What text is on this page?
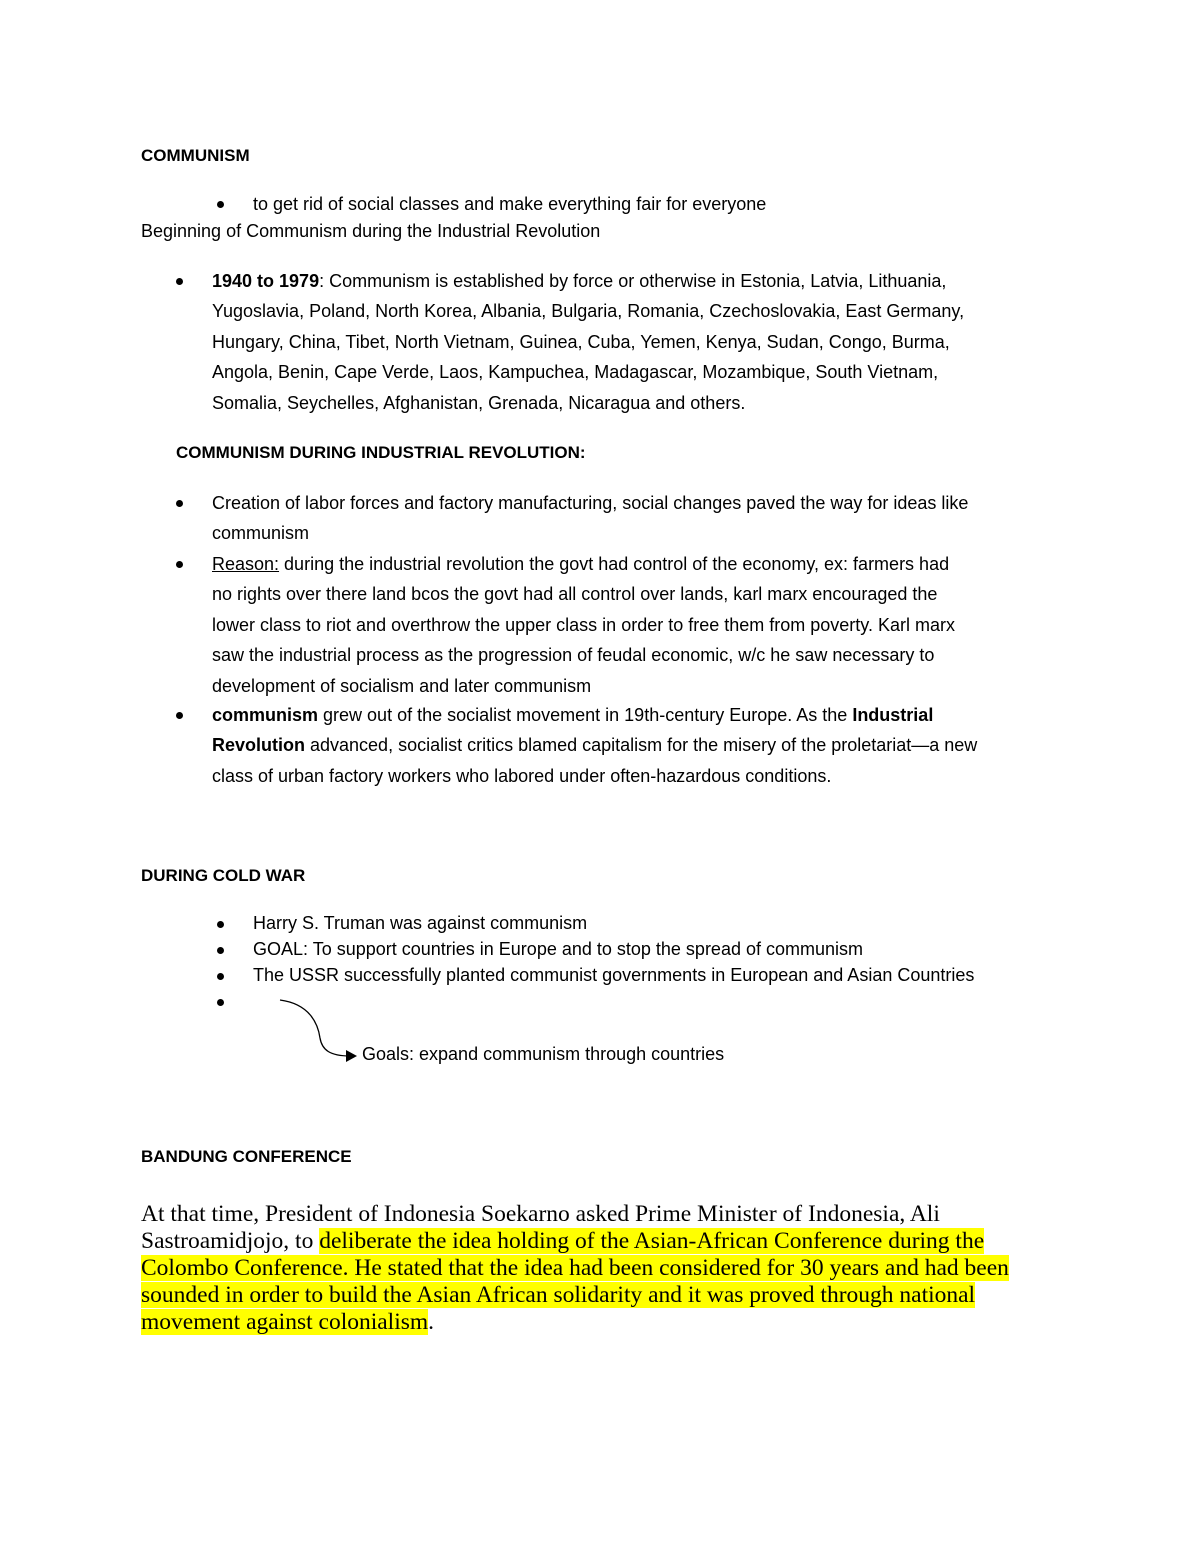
COMMUNISM
to get rid of social classes and make everything fair for everyone
Beginning of Communism during the Industrial Revolution
1940 to 1979: Communism is established by force or otherwise in Estonia, Latvia, Lithuania,
Yugoslavia, Poland, North Korea, Albania, Bulgaria, Romania, Czechoslovakia, East Germany,
Hungary, China, Tibet, North Vietnam, Guinea, Cuba, Yemen, Kenya, Sudan, Congo, Burma,
Angola, Benin, Cape Verde, Laos, Kampuchea, Madagascar, Mozambique, South Vietnam,
Somalia, Seychelles, Afghanistan, Grenada, Nicaragua and others.
COMMUNISM DURING INDUSTRIAL REVOLUTION:
Creation of labor forces and factory manufacturing, social changes paved the way for ideas like
communism
Reason: during the industrial revolution the govt had control of the economy, ex: farmers had
no rights over there land bcos the govt had all control over lands, karl marx encouraged the
lower class to riot and overthrow the upper class in order to free them from poverty. Karl marx
saw the industrial process as the progression of feudal economic, w/c he saw necessary to
development of socialism and later communism
communism grew out of the socialist movement in 19th-century Europe. As the Industrial
Revolution advanced, socialist critics blamed capitalism for the misery of the proletariat—a new
class of urban factory workers who labored under often-hazardous conditions.
DURING COLD WAR
Harry S. Truman was against communism
GOAL: To support countries in Europe and to stop the spread of communism
The USSR successfully planted communist governments in European and Asian Countries
Goals: expand communism through countries
BANDUNG CONFERENCE
At that time, President of Indonesia Soekarno asked Prime Minister of Indonesia, Ali Sastroamidjojo, to deliberate the idea holding of the Asian-African Conference during the Colombo Conference. He stated that the idea had been considered for 30 years and had been sounded in order to build the Asian African solidarity and it was proved through national movement against colonialism.
